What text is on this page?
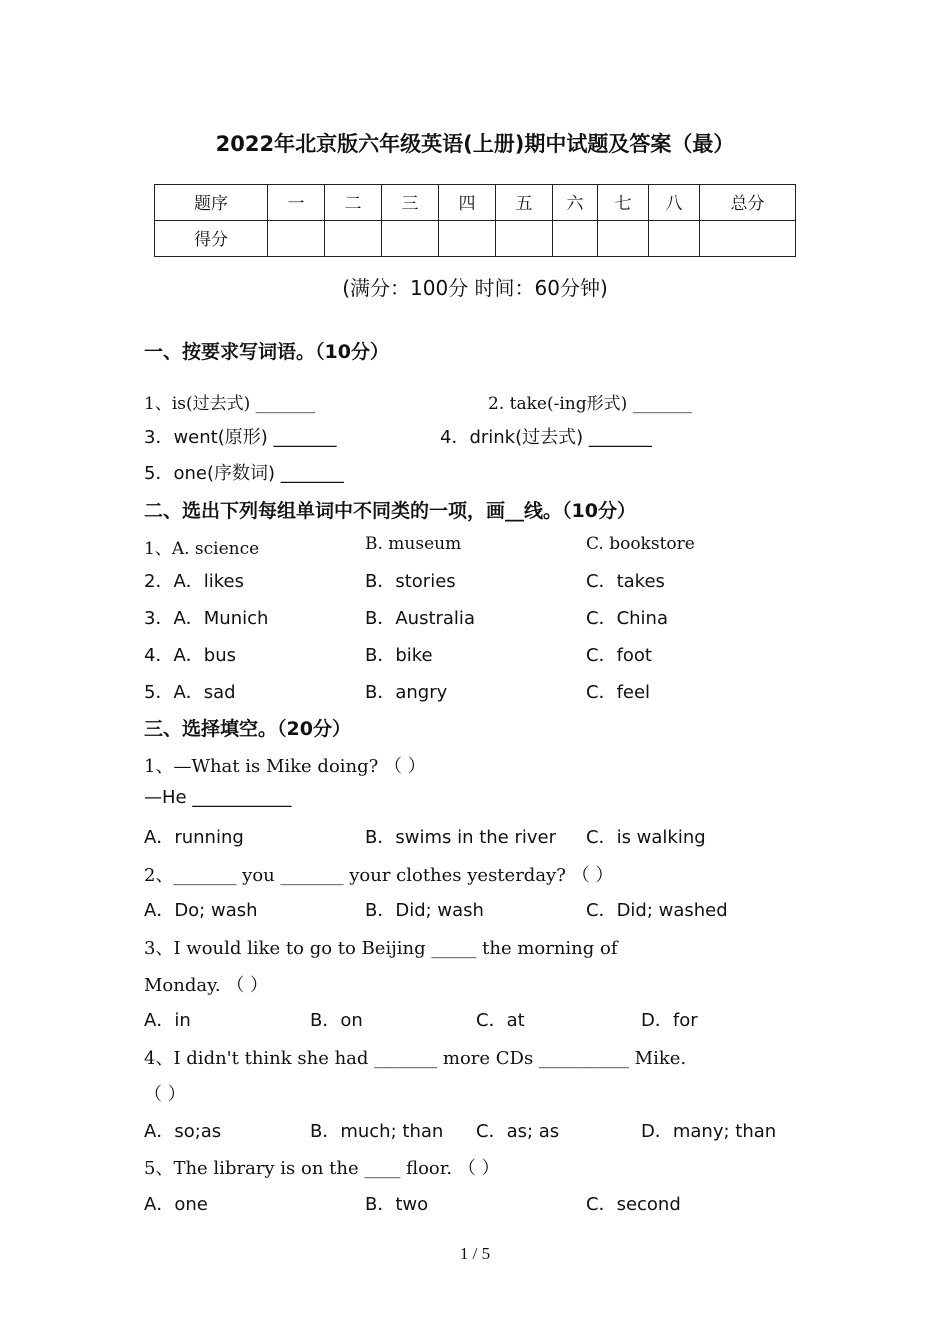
2022年北京版六年级英语(上册)期中试题及答案（最）
题序	一	二	三	四	五	六	七	八	总分
得分									
(满分：100分 时间：60分钟)
一、按要求写词语。（10分）
1、is(过去式) _______	2. take(-ing形式) _______
3．went(原形) _______	4．drink(过去式) _______
5．one(序数词) _______
二、选出下列每组单词中不同类的一项，画__线。（10分）
1、A. science	B. museum	C. bookstore
2．A．likes	B．stories	C．takes
3．A．Munich	B．Australia	C．China
4．A．bus	B．bike	C．foot
5．A．sad	B．angry	C．feel
三、选择填空。（20分）
1、—What is Mike doing? （ ）
—He ___________
A．running	B．swims in the river C．is walking
2、_______ you _______ your clothes yesterday? （ ）
A．Do; wash	B．Did; wash	C．Did; washed
3、I would like to go to Beijing _____ the morning of
Monday. （ ）
A．in	B．on	C．at	D．for
4、I didn't think she had _______ more CDs __________ Mike.
（ ）
A．so;as	B．much; than C．as; as	D．many; than
5、The library is on the ____ floor. （ ）
A．one	B．two	C．second
1 / 5
